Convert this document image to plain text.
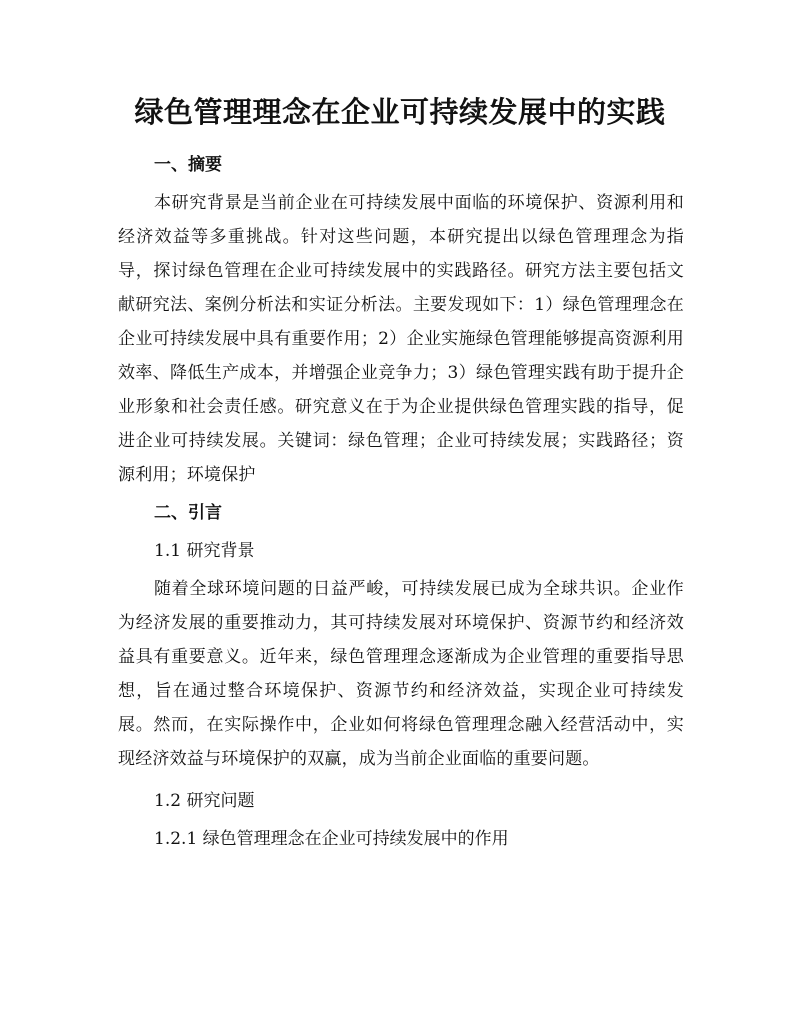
绿色管理理念在企业可持续发展中的实践

一、摘要

本研究背景是当前企业在可持续发展中面临的环境保护、资源利用和经济效益等多重挑战。针对这些问题，本研究提出以绿色管理理念为指导，探讨绿色管理在企业可持续发展中的实践路径。研究方法主要包括文献研究法、案例分析法和实证分析法。主要发现如下：1）绿色管理理念在企业可持续发展中具有重要作用；2）企业实施绿色管理能够提高资源利用效率、降低生产成本，并增强企业竞争力；3）绿色管理实践有助于提升企业形象和社会责任感。研究意义在于为企业提供绿色管理实践的指导，促进企业可持续发展。关键词：绿色管理；企业可持续发展；实践路径；资源利用；环境保护

二、引言

1.1 研究背景

随着全球环境问题的日益严峻，可持续发展已成为全球共识。企业作为经济发展的重要推动力，其可持续发展对环境保护、资源节约和经济效益具有重要意义。近年来，绿色管理理念逐渐成为企业管理的重要指导思想，旨在通过整合环境保护、资源节约和经济效益，实现企业可持续发展。然而，在实际操作中，企业如何将绿色管理理念融入经营活动中，实现经济效益与环境保护的双赢，成为当前企业面临的重要问题。

1.2 研究问题

1.2.1 绿色管理理念在企业可持续发展中的作用
